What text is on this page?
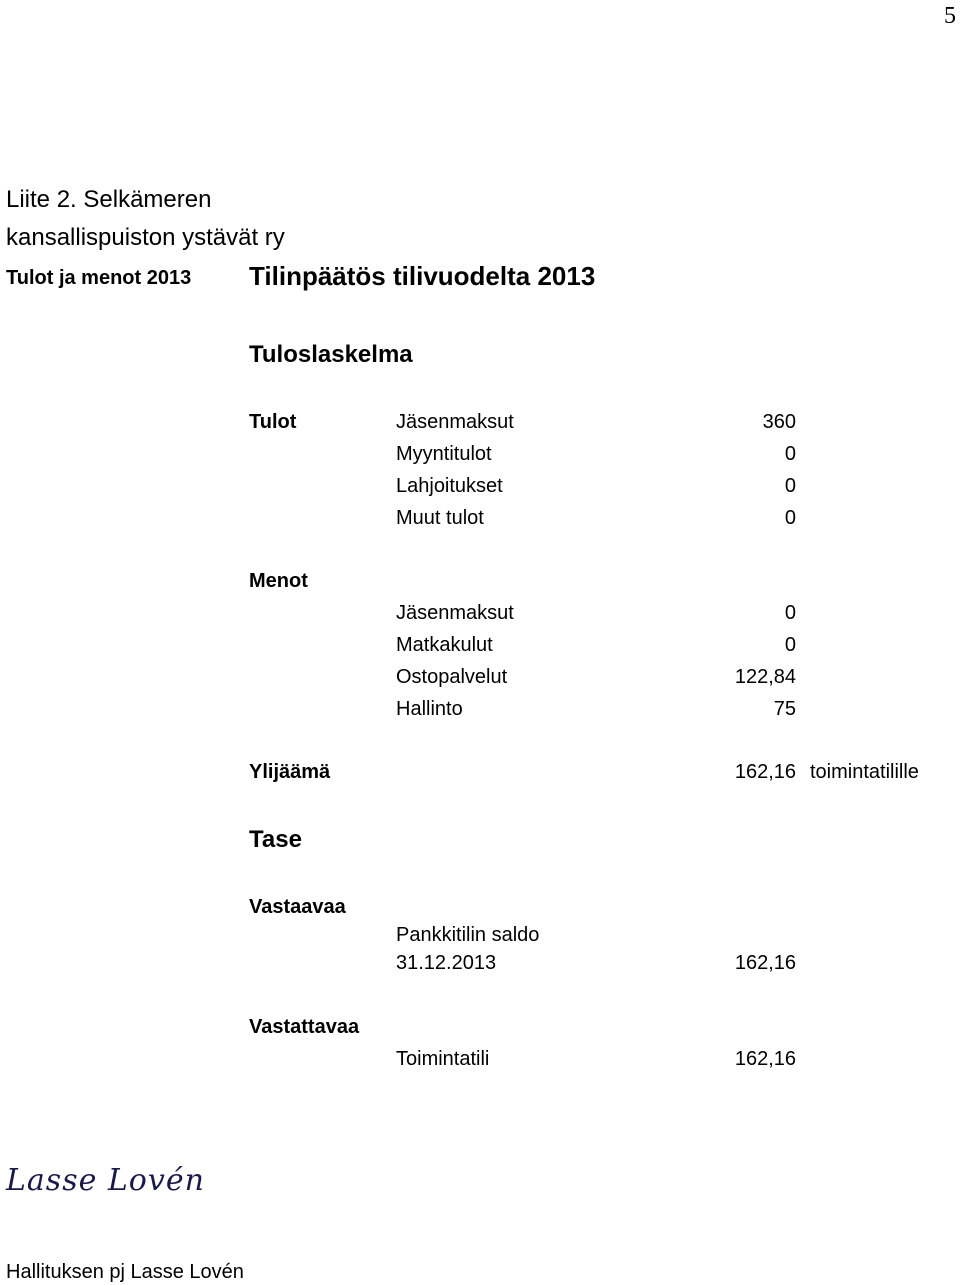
5
Liite 2. Selkämeren
kansallispuiston ystävät ry
Tulot ja menot 2013 Tilinpäätös tilivuodelta 2013
Tuloslaskelma
Tulot	Jäsenmaksut	360
Myyntitulot	0
Lahjoitukset	0
Muut tulot	0
Menot
Jäsenmaksut	0
Matkakulut	0
Ostopalvelut	122,84
Hallinto	75
Ylijäämä	162,16 toimintatilille
Tase
Vastaavaa
Pankkitilin saldo
31.12.2013	162,16
Vastattavaa
Toimintatili	162,16
Lasse Lovén
Hallituksen pj Lasse Lovén
